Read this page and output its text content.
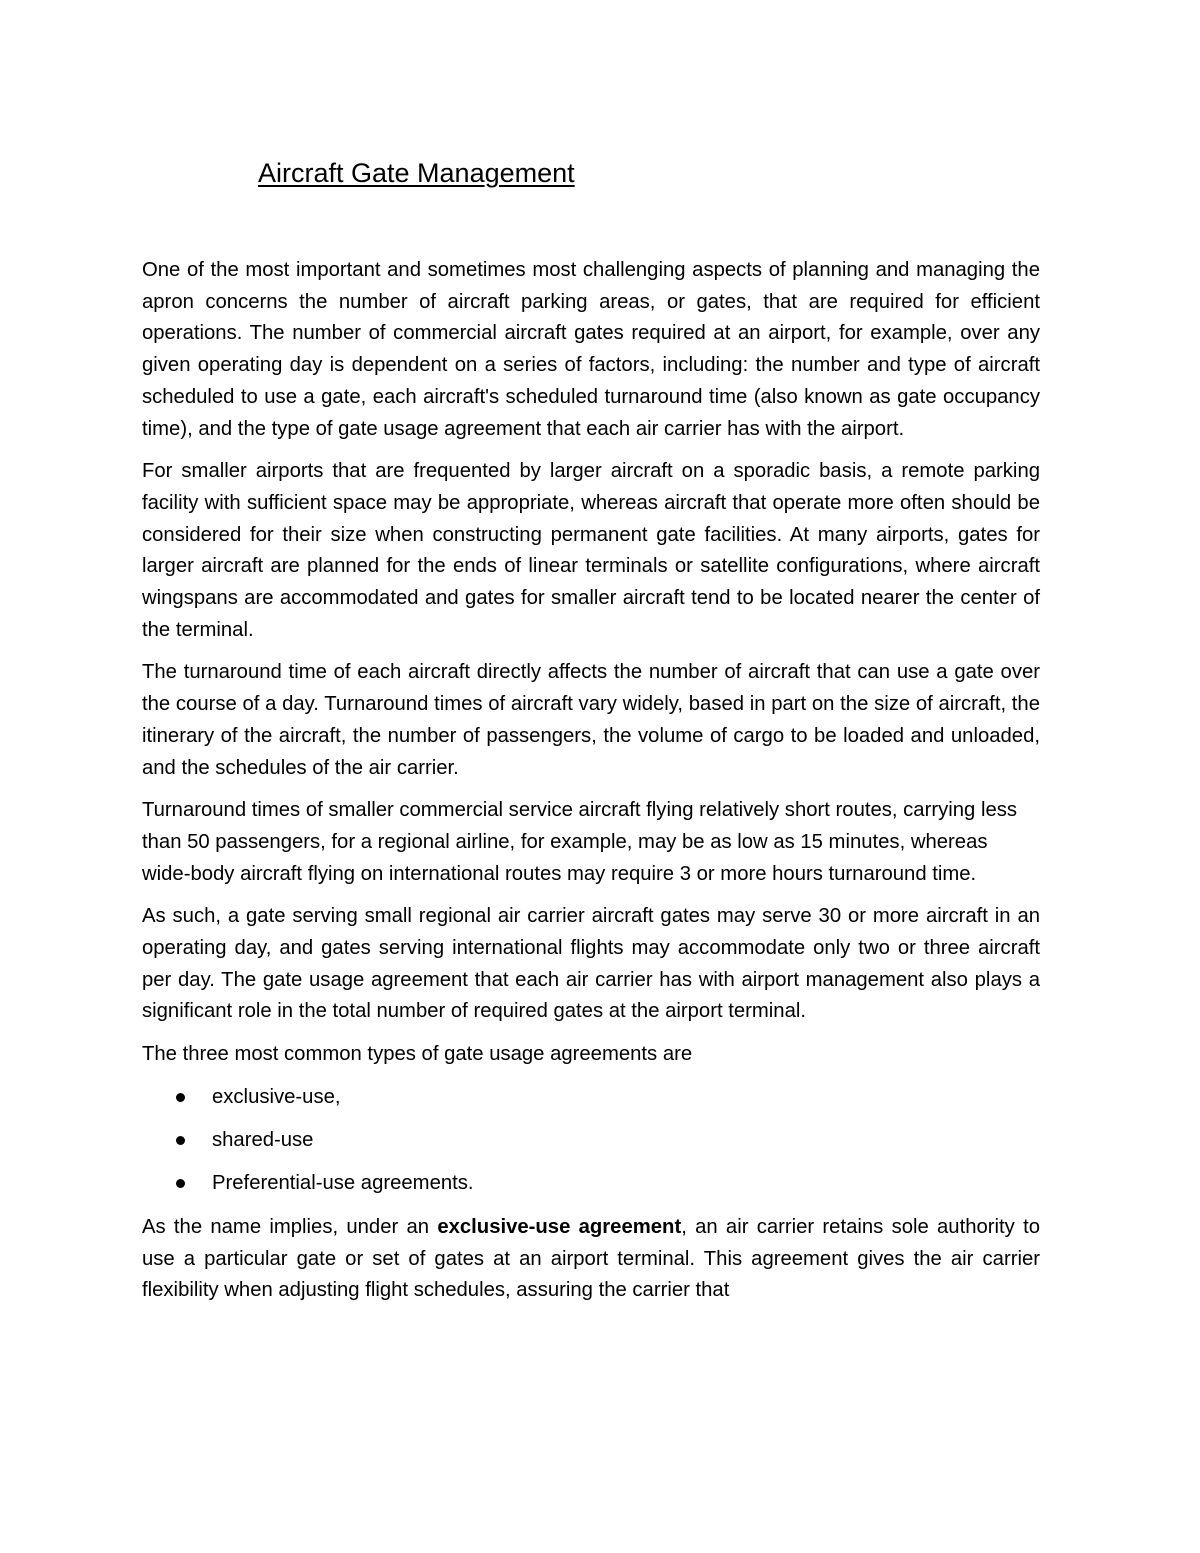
Aircraft Gate Management

One of the most important and sometimes most challenging aspects of planning and managing the apron concerns the number of aircraft parking areas, or gates, that are required for efficient operations. The number of commercial aircraft gates required at an airport, for example, over any given operating day is dependent on a series of factors, including: the number and type of aircraft scheduled to use a gate, each aircraft's scheduled turnaround time (also known as gate occupancy time), and the type of gate usage agreement that each air carrier has with the airport.

For smaller airports that are frequented by larger aircraft on a sporadic basis, a remote parking facility with sufficient space may be appropriate, whereas aircraft that operate more often should be considered for their size when constructing permanent gate facilities. At many airports, gates for larger aircraft are planned for the ends of linear terminals or satellite configurations, where aircraft wingspans are accommodated and gates for smaller aircraft tend to be located nearer the center of the terminal.

The turnaround time of each aircraft directly affects the number of aircraft that can use a gate over the course of a day. Turnaround times of aircraft vary widely, based in part on the size of aircraft, the itinerary of the aircraft, the number of passengers, the volume of cargo to be loaded and unloaded, and the schedules of the air carrier.

Turnaround times of smaller commercial service aircraft flying relatively short routes, carrying less than 50 passengers, for a regional airline, for example, may be as low as 15 minutes, whereas wide-body aircraft flying on international routes may require 3 or more hours turnaround time.

As such, a gate serving small regional air carrier aircraft gates may serve 30 or more aircraft in an operating day, and gates serving international flights may accommodate only two or three aircraft per day. The gate usage agreement that each air carrier has with airport management also plays a significant role in the total number of required gates at the airport terminal.

The three most common types of gate usage agreements are

exclusive-use,
shared-use
Preferential-use agreements.

As the name implies, under an exclusive-use agreement, an air carrier retains sole authority to use a particular gate or set of gates at an airport terminal. This agreement gives the air carrier flexibility when adjusting flight schedules, assuring the carrier that
